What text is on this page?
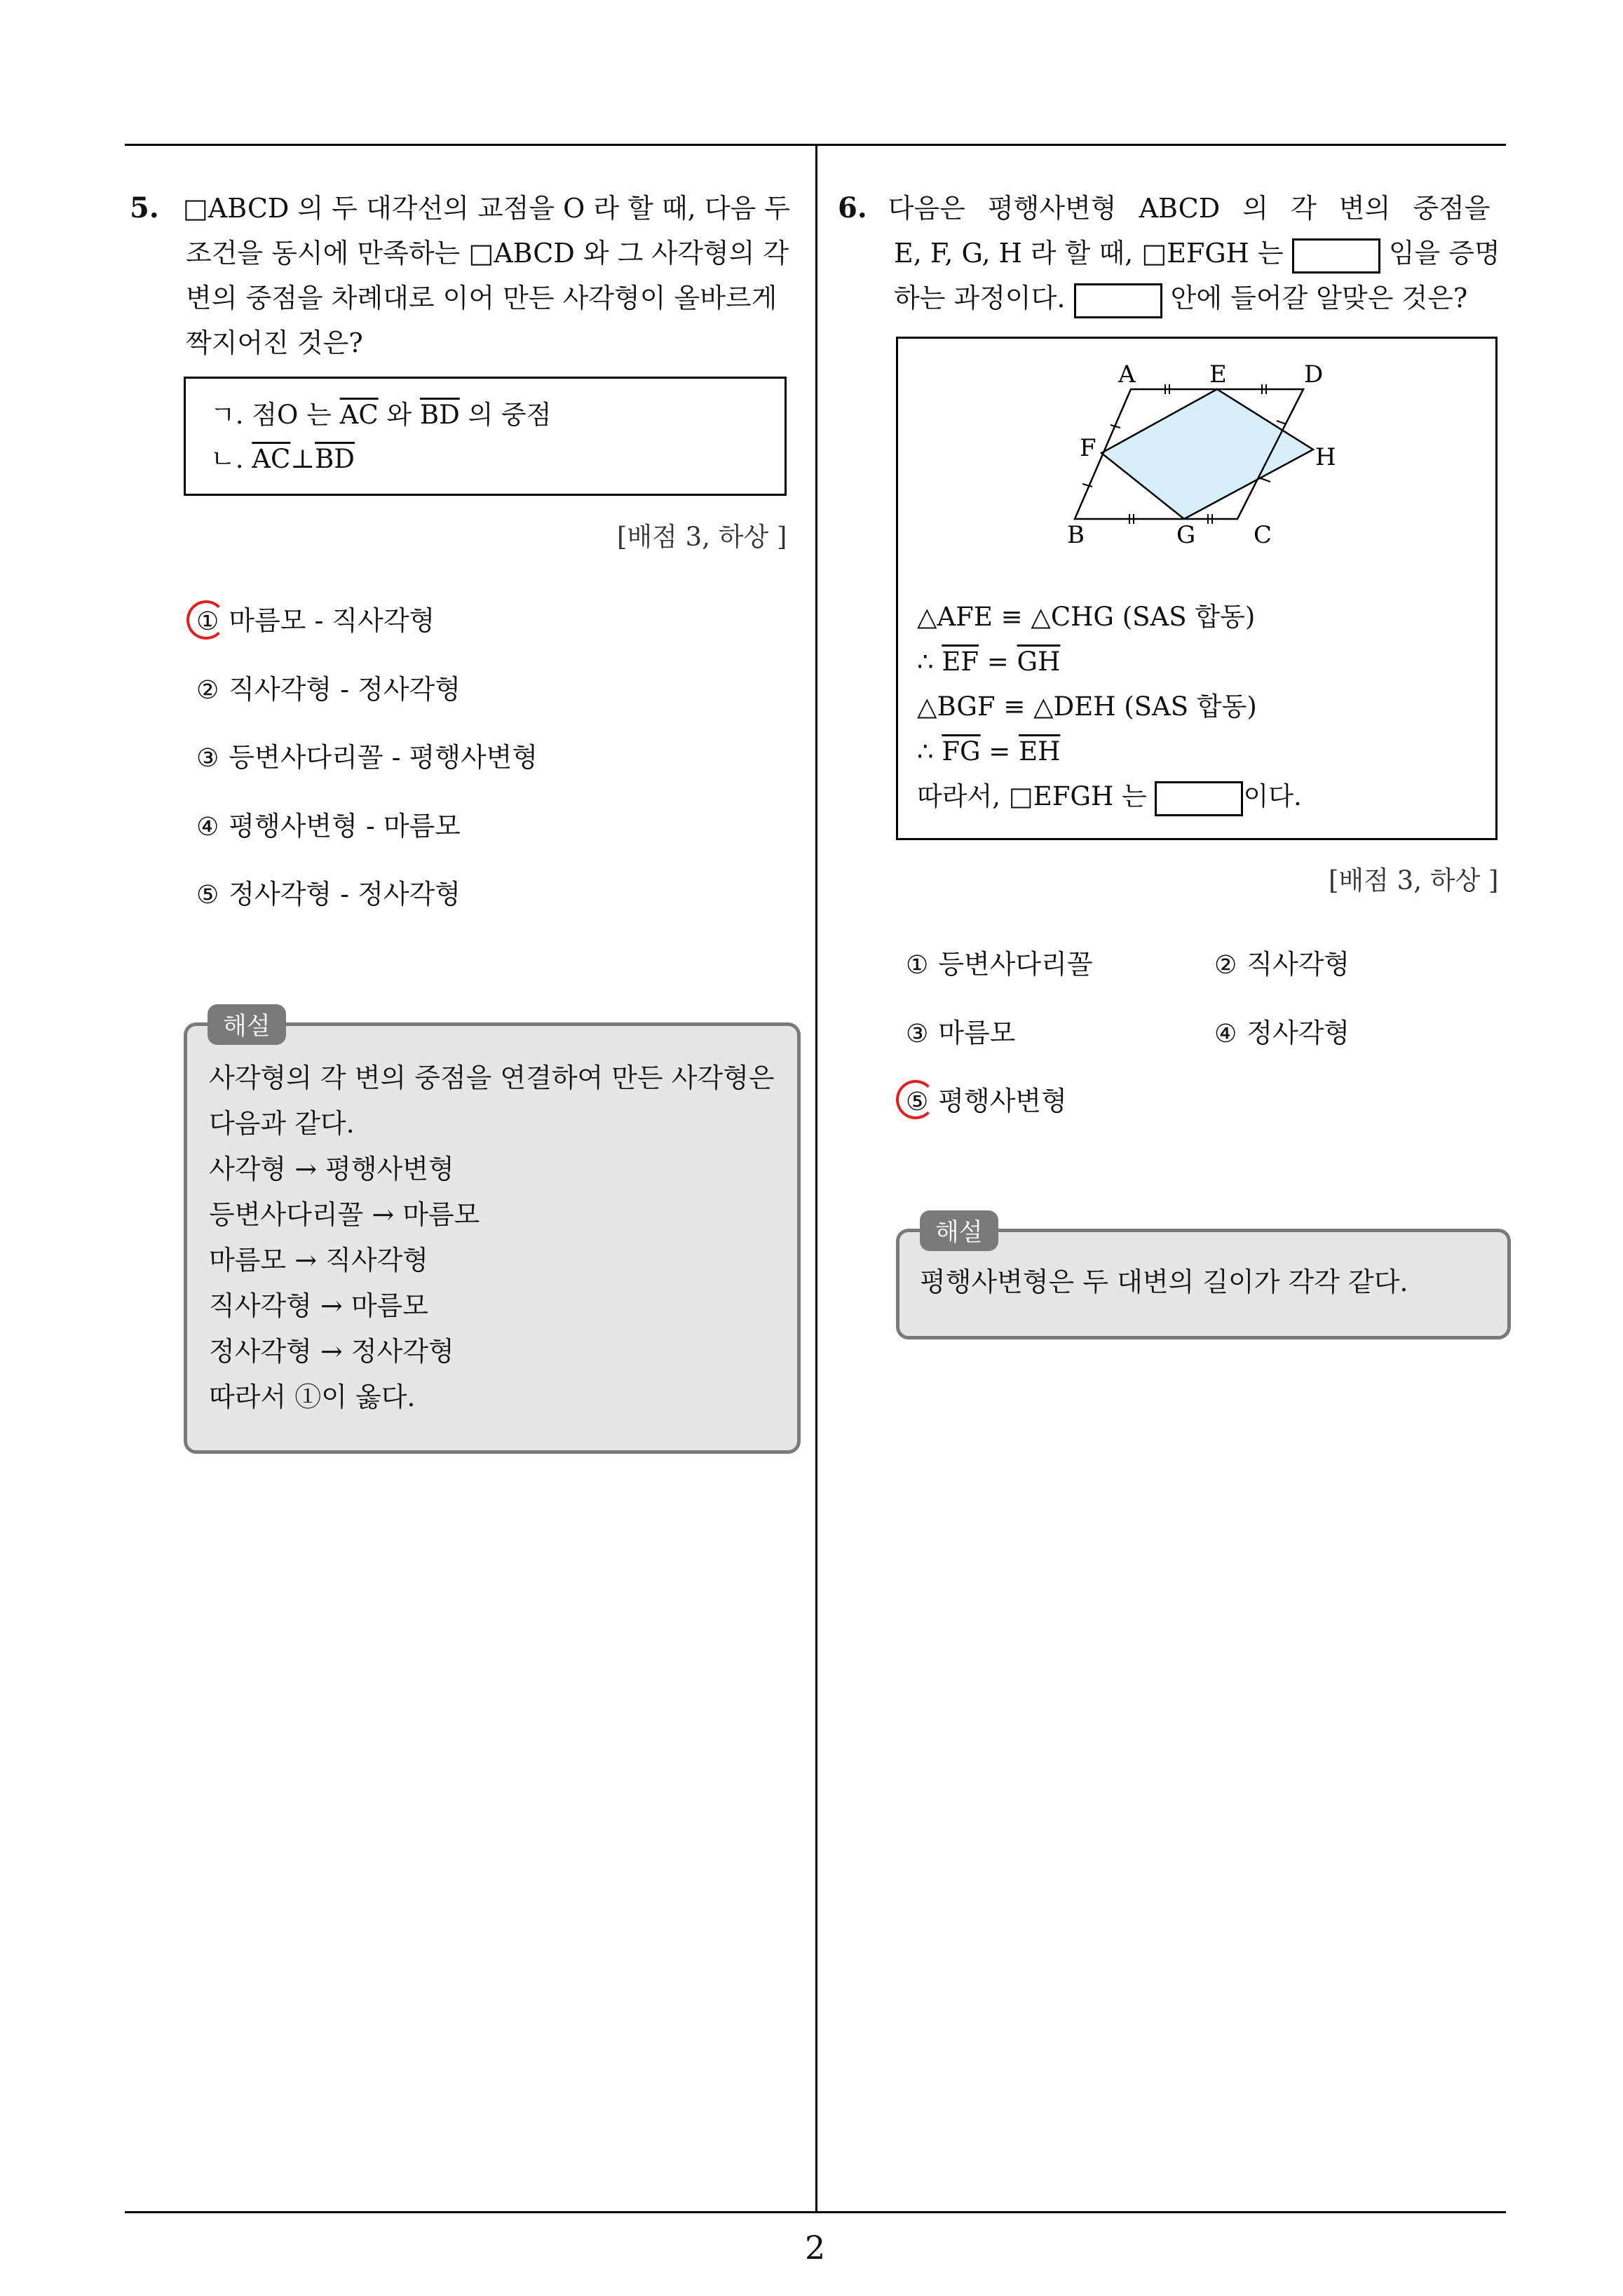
5. □ABCD 의 두 대각선의 교점을 O 라 할 때, 다음 두
조건을 동시에 만족하는 □ABCD 와 그 사각형의 각
변의 중점을 차례대로 이어 만든 사각형이 올바르게
짝지어진 것은?
ㄱ. 점O 는 $\overline{AC}$ 와 $\overline{BD}$ 의 중점
ㄴ. $\overline{AC}\perp\overline{BD}$
[배점 3, 하상 ]
① 마름모 - 직사각형
② 직사각형 - 정사각형
③ 등변사다리꼴 - 평행사변형
④ 평행사변형 - 마름모
⑤ 정사각형 - 정사각형
해설
사각형의 각 변의 중점을 연결하여 만든 사각형은
다음과 같다.
사각형 → 평행사변형
등변사다리꼴 → 마름모
마름모 → 직사각형
직사각형 → 마름모
정사각형 → 정사각형
따라서 ①이 옳다.
6. 다음은 평행사변형 ABCD 의 각 변의 중점을
E, F, G, H 라 할 때, □EFGH 는	임을 증명
하는 과정이다.	안에 들어갈 알맞은 것은?
A	E	D
F	H
B	G C
△AFE ≡ △CHG (SAS 합동)
∴ $\overline{EF} = \overline{GH}$
△BGF ≡ △DEH (SAS 합동)
∴ $\overline{FG} = \overline{EH}$
따라서, □EFGH 는	이다.
[배점 3, 하상 ]
① 등변사다리꼴	② 직사각형
③ 마름모	④ 정사각형
⑤ 평행사변형
해설
평행사변형은 두 대변의 길이가 각각 같다.
2
